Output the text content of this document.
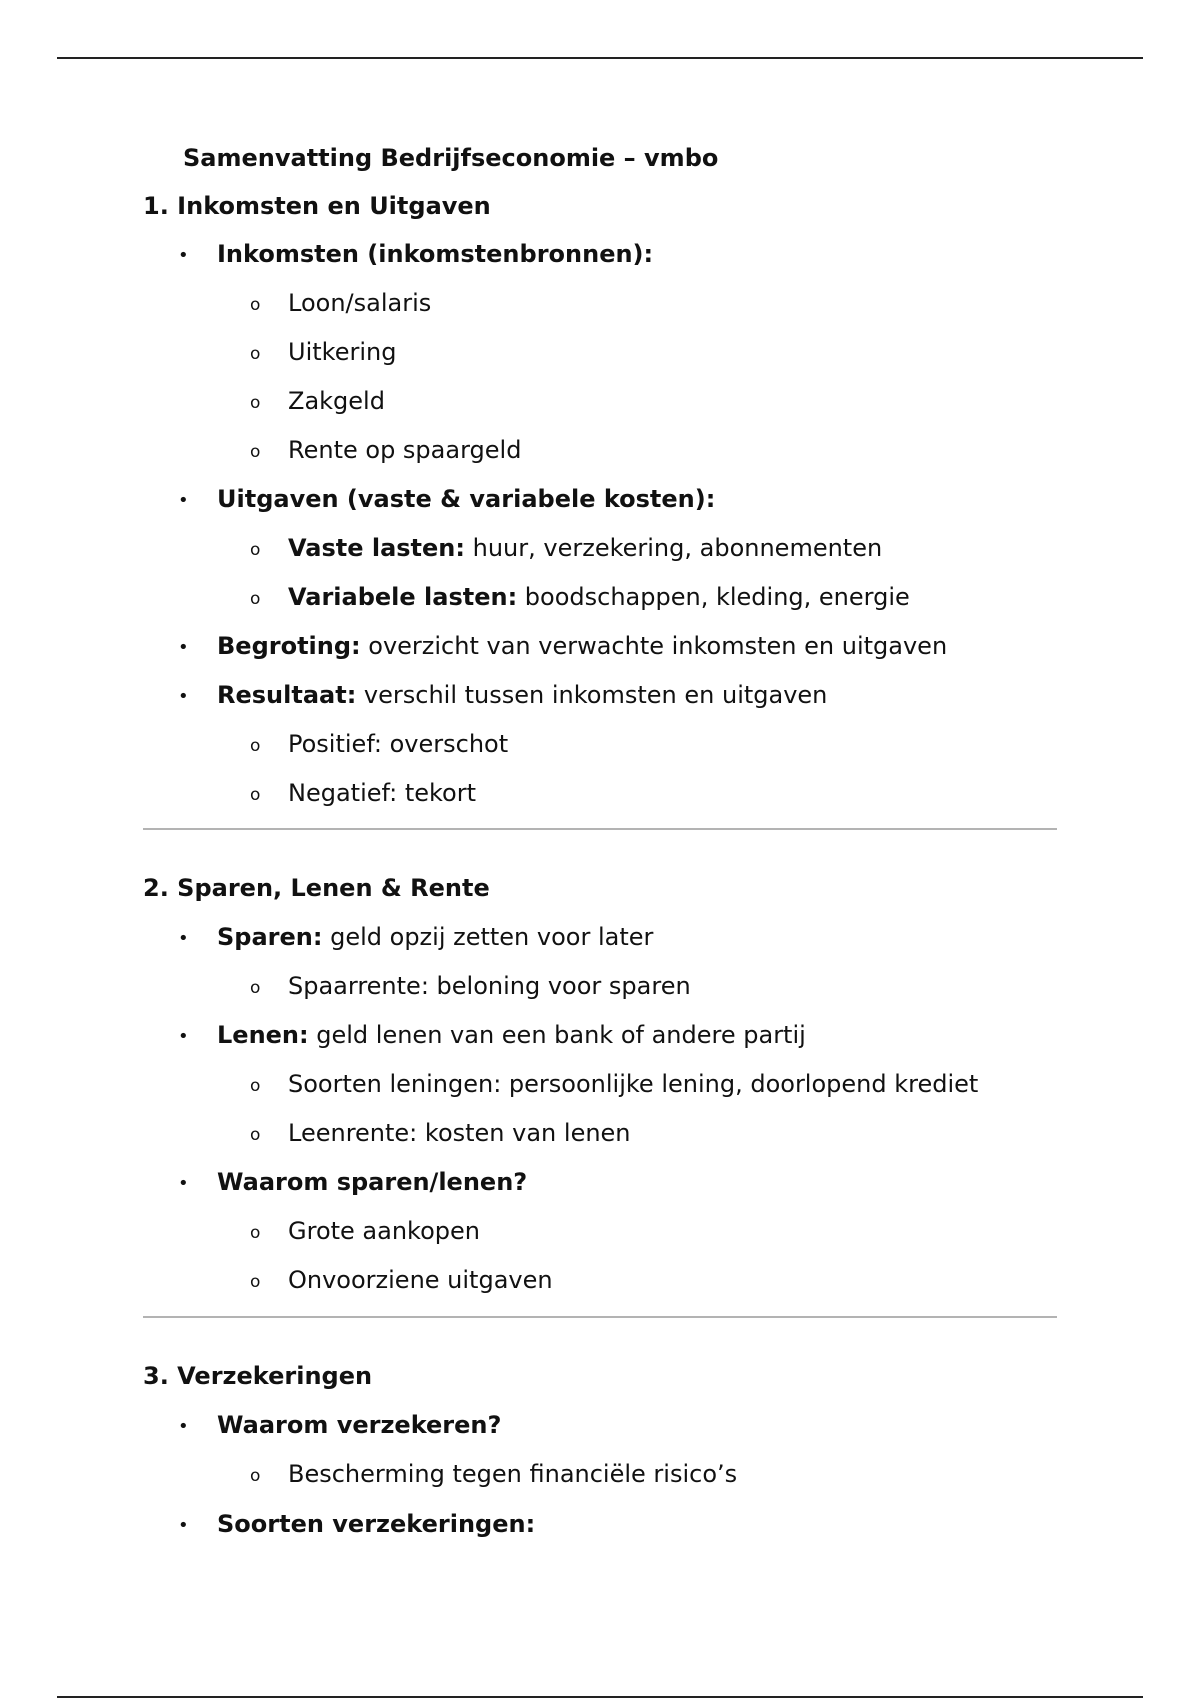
Samenvatting Bedrijfseconomie – vmbo
1. Inkomsten en Uitgaven
• Inkomsten (inkomstenbronnen):
o Loon/salaris
o Uitkering
o Zakgeld
o Rente op spaargeld
• Uitgaven (vaste & variabele kosten):
o Vaste lasten: huur, verzekering, abonnementen
o Variabele lasten: boodschappen, kleding, energie
• Begroting: overzicht van verwachte inkomsten en uitgaven
• Resultaat: verschil tussen inkomsten en uitgaven
o Positief: overschot
o Negatief: tekort
2. Sparen, Lenen & Rente
• Sparen: geld opzij zetten voor later
o Spaarrente: beloning voor sparen
• Lenen: geld lenen van een bank of andere partij
o Soorten leningen: persoonlijke lening, doorlopend krediet
o Leenrente: kosten van lenen
• Waarom sparen/lenen?
o Grote aankopen
o Onvoorziene uitgaven
3. Verzekeringen
• Waarom verzekeren?
o Bescherming tegen financiële risico’s
• Soorten verzekeringen:
